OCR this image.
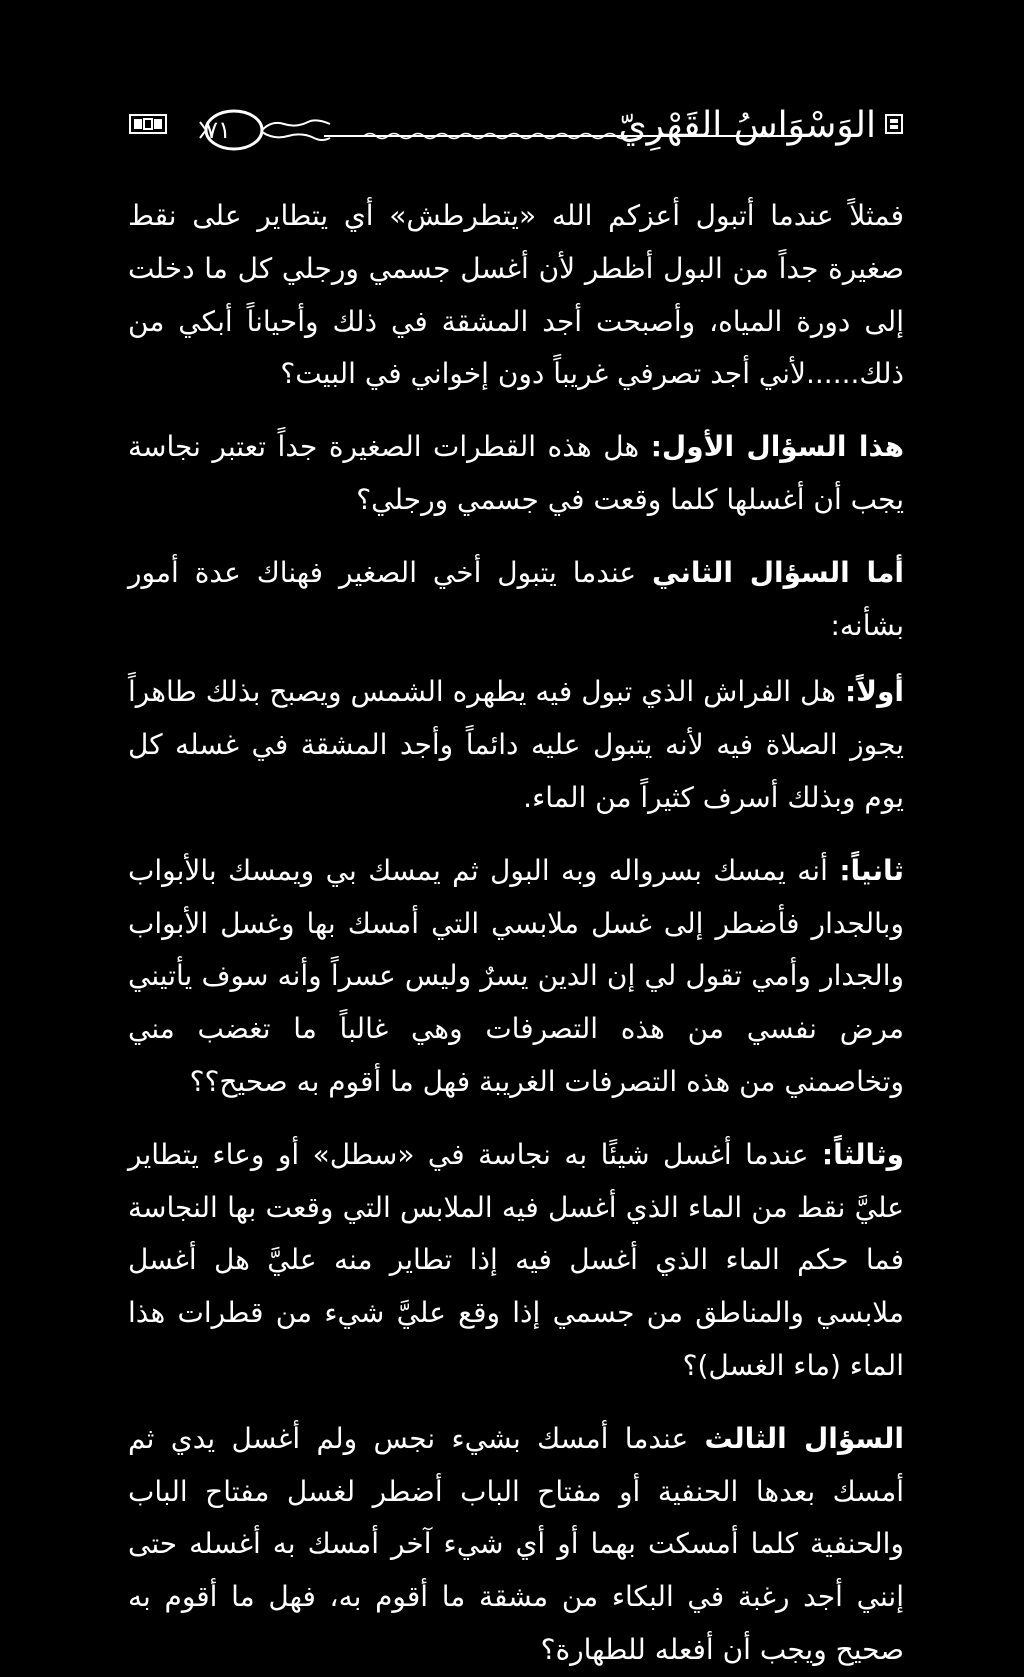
الوَسْوَاسُ القَهْرِيّ
٧١

فمثلاً عندما أتبول أعزكم الله «يتطرطش» أي يتطاير على نقط صغيرة جداً من البول أظطر لأن أغسل جسمي ورجلي كل ما دخلت إلى دورة المياه، وأصبحت أجد المشقة في ذلك وأحياناً أبكي من ذلك......لأني أجد تصرفي غريباً دون إخواني في البيت؟

هذا السؤال الأول: هل هذه القطرات الصغيرة جداً تعتبر نجاسة يجب أن أغسلها كلما وقعت في جسمي ورجلي؟

أما السؤال الثاني عندما يتبول أخي الصغير فهناك عدة أمور بشأنه:

أولاً: هل الفراش الذي تبول فيه يطهره الشمس ويصبح بذلك طاهراً يجوز الصلاة فيه لأنه يتبول عليه دائماً وأجد المشقة في غسله كل يوم وبذلك أسرف كثيراً من الماء.

ثانياً: أنه يمسك بسرواله وبه البول ثم يمسك بي ويمسك بالأبواب وبالجدار فأضطر إلى غسل ملابسي التي أمسك بها وغسل الأبواب والجدار وأمي تقول لي إن الدين يسرٌ وليس عسراً وأنه سوف يأتيني مرض نفسي من هذه التصرفات وهي غالباً ما تغضب مني وتخاصمني من هذه التصرفات الغريبة فهل ما أقوم به صحيح؟؟

وثالثاً: عندما أغسل شيئًا به نجاسة في «سطل» أو وعاء يتطاير عليَّ نقط من الماء الذي أغسل فيه الملابس التي وقعت بها النجاسة فما حكم الماء الذي أغسل فيه إذا تطاير منه عليَّ هل أغسل ملابسي والمناطق من جسمي إذا وقع عليَّ شيء من قطرات هذا الماء (ماء الغسل)؟

السؤال الثالث عندما أمسك بشيء نجس ولم أغسل يدي ثم أمسك بعدها الحنفية أو مفتاح الباب أضطر لغسل مفتاح الباب والحنفية كلما أمسكت بهما أو أي شيء آخر أمسك به أغسله حتى إنني أجد رغبة في البكاء من مشقة ما أقوم به، فهل ما أقوم به صحيح ويجب أن أفعله للطهارة؟
